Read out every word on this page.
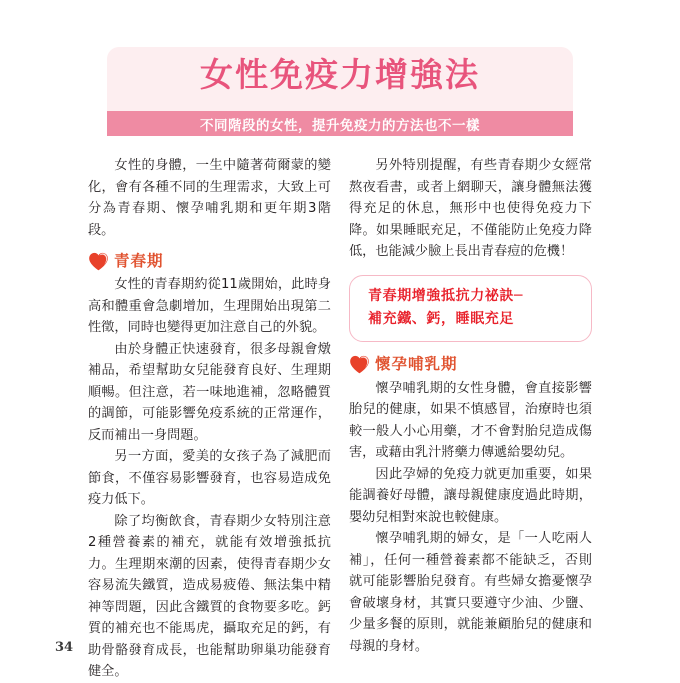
女性免疫力增強法
不同階段的女性，提升免疫力的方法也不一樣

女性的身體，一生中隨著荷爾蒙的變化，會有各種不同的生理需求，大致上可分為青春期、懷孕哺乳期和更年期3階段。

青春期

女性的青春期約從11歲開始，此時身高和體重會急劇增加，生理開始出現第二性徵，同時也變得更加注意自己的外貌。

由於身體正快速發育，很多母親會燉補品，希望幫助女兒能發育良好、生理期順暢。但注意，若一味地進補，忽略體質的調節，可能影響免疫系統的正常運作，反而補出一身問題。

另一方面，愛美的女孩子為了減肥而節食，不僅容易影響發育，也容易造成免疫力低下。

除了均衡飲食，青春期少女特別注意2種營養素的補充，就能有效增強抵抗力。生理期來潮的因素，使得青春期少女容易流失鐵質，造成易疲倦、無法集中精神等問題，因此含鐵質的食物要多吃。鈣質的補充也不能馬虎，攝取充足的鈣，有助骨骼發育成長，也能幫助卵巢功能發育健全。

另外特別提醒，有些青春期少女經常熬夜看書，或者上網聊天，讓身體無法獲得充足的休息，無形中也使得免疫力下降。如果睡眠充足，不僅能防止免疫力降低，也能減少臉上長出青春痘的危機！

青春期增強抵抗力祕訣─
補充鐵、鈣，睡眠充足
懷孕哺乳期

懷孕哺乳期的女性身體，會直接影響胎兒的健康，如果不慎感冒，治療時也須較一般人小心用藥，才不會對胎兒造成傷害，或藉由乳汁將藥力傳遞給嬰幼兒。

因此孕婦的免疫力就更加重要，如果能調養好母體，讓母親健康度過此時期，嬰幼兒相對來說也較健康。

懷孕哺乳期的婦女，是「一人吃兩人補」，任何一種營養素都不能缺乏，否則就可能影響胎兒發育。有些婦女擔憂懷孕會破壞身材，其實只要遵守少油、少鹽、少量多餐的原則，就能兼顧胎兒的健康和母親的身材。

34
